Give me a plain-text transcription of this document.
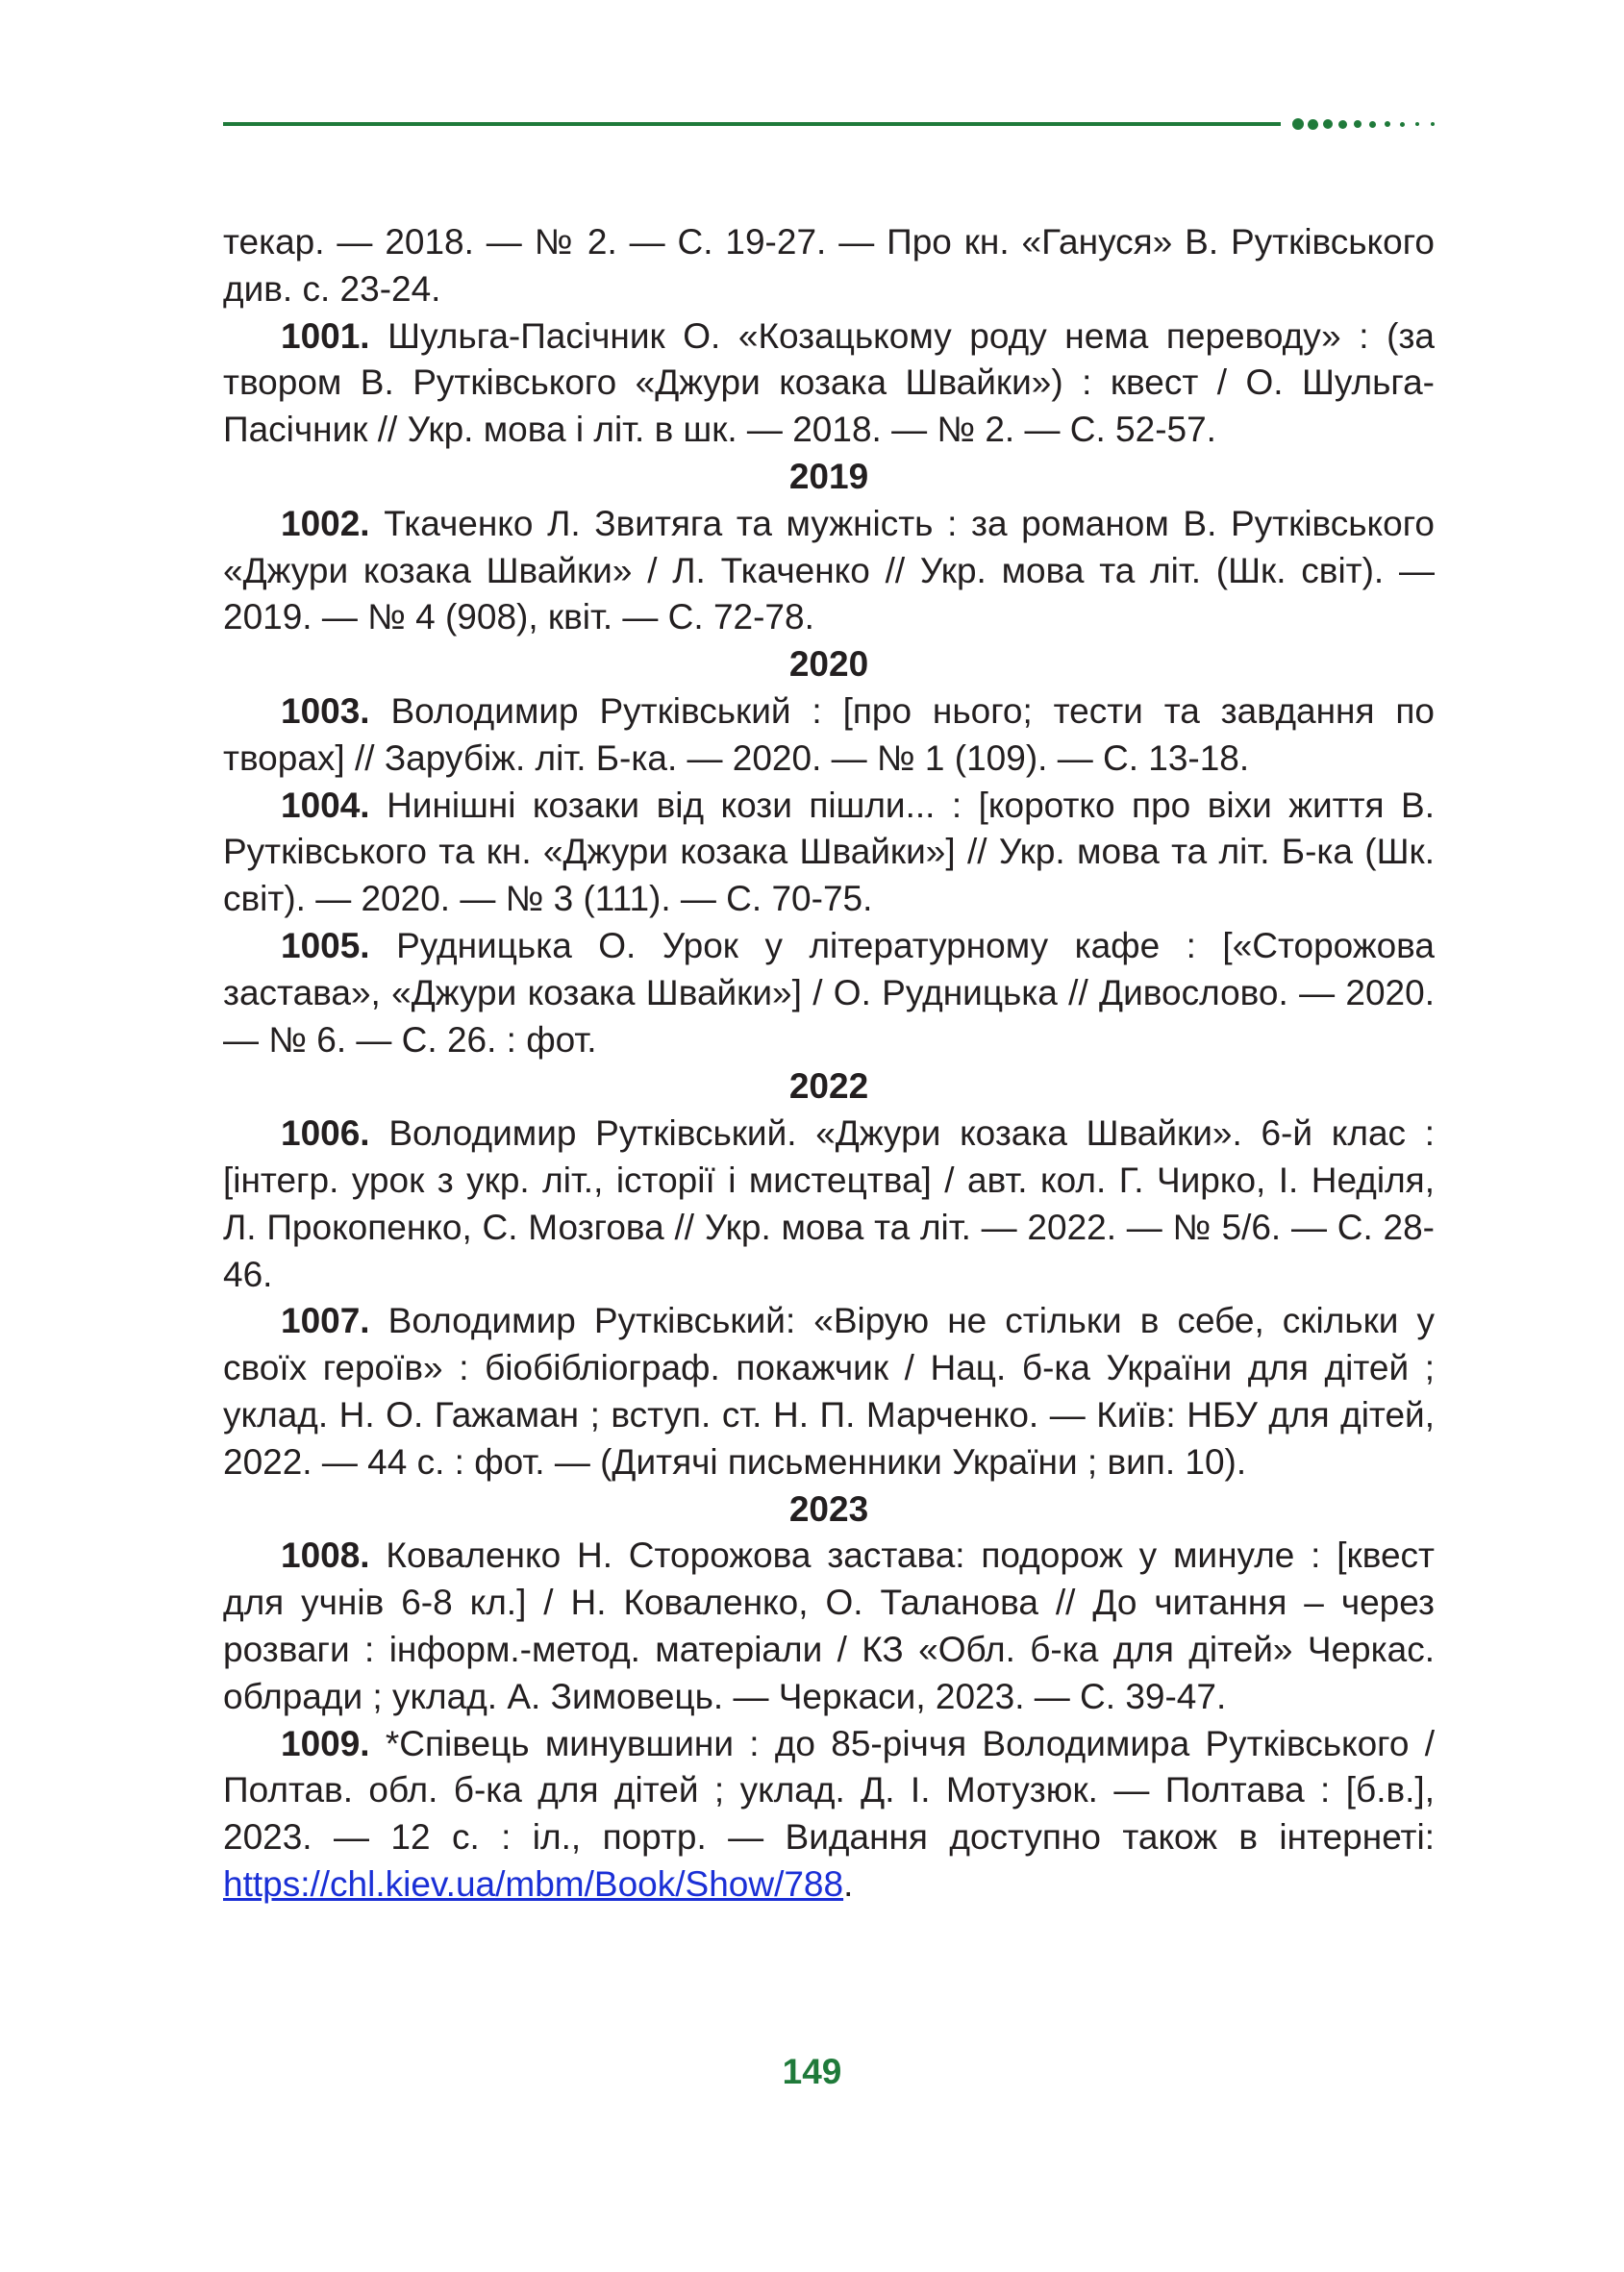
текар. — 2018. — № 2. — С. 19-27. — Про кн. «Гануся» В. Рутківського див. с. 23-24.

1001. Шульга-Пасічник О. «Козацькому роду нема переводу» : (за твором В. Рутківського «Джури козака Швайки») : квест / О. Шульга-Пасічник // Укр. мова і літ. в шк. — 2018. — № 2. — С. 52-57.

2019

1002. Ткаченко Л. Звитяга та мужність : за романом В. Рутківського «Джури козака Швайки» / Л. Ткаченко // Укр. мова та літ. (Шк. світ). — 2019. — № 4 (908), квіт. — С. 72-78.

2020

1003. Володимир Рутківський : [про нього; тести та завдання по творах] // Зарубіж. літ. Б-ка. — 2020. — № 1 (109). — С. 13-18.

1004. Нинішні козаки від кози пішли... : [коротко про віхи життя В. Рутківського та кн. «Джури козака Швайки»] // Укр. мова та літ. Б-ка (Шк. світ). — 2020. — № 3 (111). — С. 70-75.

1005. Рудницька О. Урок у літературному кафе : [«Сторожова застава», «Джури козака Швайки»] / О. Рудницька // Дивослово. — 2020. — № 6. — С. 26. : фот.

2022

1006. Володимир Рутківський. «Джури козака Швайки». 6-й клас : [інтегр. урок з укр. літ., історії і мистецтва] / авт. кол. Г. Чирко, І. Неділя, Л. Прокопенко, С. Мозгова // Укр. мова та літ. — 2022. — № 5/6. — С. 28-46.

1007. Володимир Рутківський: «Вірую не стільки в себе, скільки у своїх героїв» : біобібліограф. покажчик / Нац. б-ка України для дітей ; уклад. Н. О. Гажаман ; вступ. ст. Н. П. Марченко. — Київ: НБУ для дітей, 2022. — 44 с. : фот. — (Дитячі письменники України ; вип. 10).

2023

1008. Коваленко Н. Сторожова застава: подорож у минуле : [квест для учнів 6-8 кл.] / Н. Коваленко, О. Таланова // До читання – через розваги : інформ.-метод. матеріали / КЗ «Обл. б-ка для дітей» Черкас. облради ; уклад. А. Зимовець. — Черкаси, 2023. — С. 39-47.

1009. *Співець минувшини : до 85-річчя Володимира Рутківського / Полтав. обл. б-ка для дітей ; уклад. Д. І. Мотузюк. — Полтава : [б.в.], 2023. — 12 с. : іл., портр. — Видання доступно також в інтернеті: https://chl.kiev.ua/mbm/Book/Show/788.

149
